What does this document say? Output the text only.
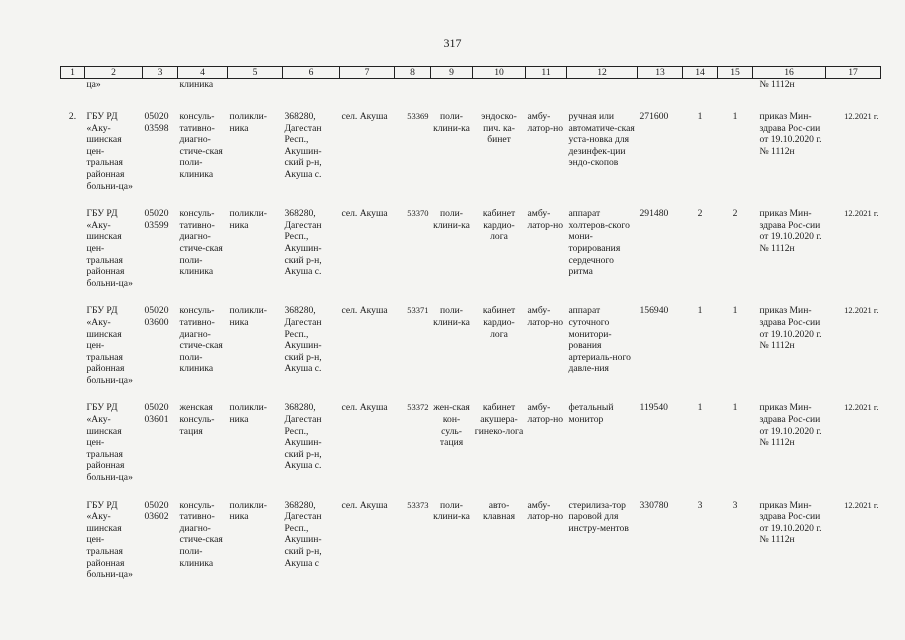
317
1	2	3	4	5	6	7	8	9	10	11	12	13	14	15	16	17
	ца»		клиника												№ 1112н	
2.	ГБУ РД «Аку-шинская цен-тральная районная больни-ца»	05020 03598	консуль-тативно-диагно-стиче-ская поли-клиника	поликли-ника	368280, Дагестан Респ., Акушин-ский р-н, Акуша с.	сел. Акуша	53369	поли-клини-ка	эндоско-пич. ка-бинет	амбу-латор-но	ручная или автоматиче-ская уста-новка для дезинфек-ции эндо-скопов	271600	1	1	приказ Мин-здрава Рос-сии от 19.10.2020 г. № 1112н	12.2021 г.
	ГБУ РД «Аку-шинская цен-тральная районная больни-ца»	05020 03599	консуль-тативно-диагно-стиче-ская поли-клиника	поликли-ника	368280, Дагестан Респ., Акушин-ский р-н, Акуша с.	сел. Акуша	53370	поли-клини-ка	кабинет кардио-лога	амбу-латор-но	аппарат холтеров-ского мони-торирования сердечного ритма	291480	2	2	приказ Мин-здрава Рос-сии от 19.10.2020 г. № 1112н	12.2021 г.
	ГБУ РД «Аку-шинская цен-тральная районная больни-ца»	05020 03600	консуль-тативно-диагно-стиче-ская поли-клиника	поликли-ника	368280, Дагестан Респ., Акушин-ский р-н, Акуша с.	сел. Акуша	53371	поли-клини-ка	кабинет кардио-лога	амбу-латор-но	аппарат суточного монитори-рования артериаль-ного давле-ния	156940	1	1	приказ Мин-здрава Рос-сии от 19.10.2020 г. № 1112н	12.2021 г.
	ГБУ РД «Аку-шинская цен-тральная районная больни-ца»	05020 03601	женская консуль-тация	поликли-ника	368280, Дагестан Респ., Акушин-ский р-н, Акуша с.	сел. Акуша	53372	жен-ская кон-суль-тация	кабинет акушера-гинеко-лога	амбу-латор-но	фетальный монитор	119540	1	1	приказ Мин-здрава Рос-сии от 19.10.2020 г. № 1112н	12.2021 г.
	ГБУ РД «Аку-шинская цен-тральная районная больни-ца»	05020 03602	консуль-тативно-диагно-стиче-ская поли-клиника	поликли-ника	368280, Дагестан Респ., Акушин-ский р-н, Акуша с	сел. Акуша	53373	поли-клини-ка	авто-клавная	амбу-латор-но	стерилиза-тор паровой для инстру-ментов	330780	3	3	приказ Мин-здрава Рос-сии от 19.10.2020 г. № 1112н	12.2021 г.
